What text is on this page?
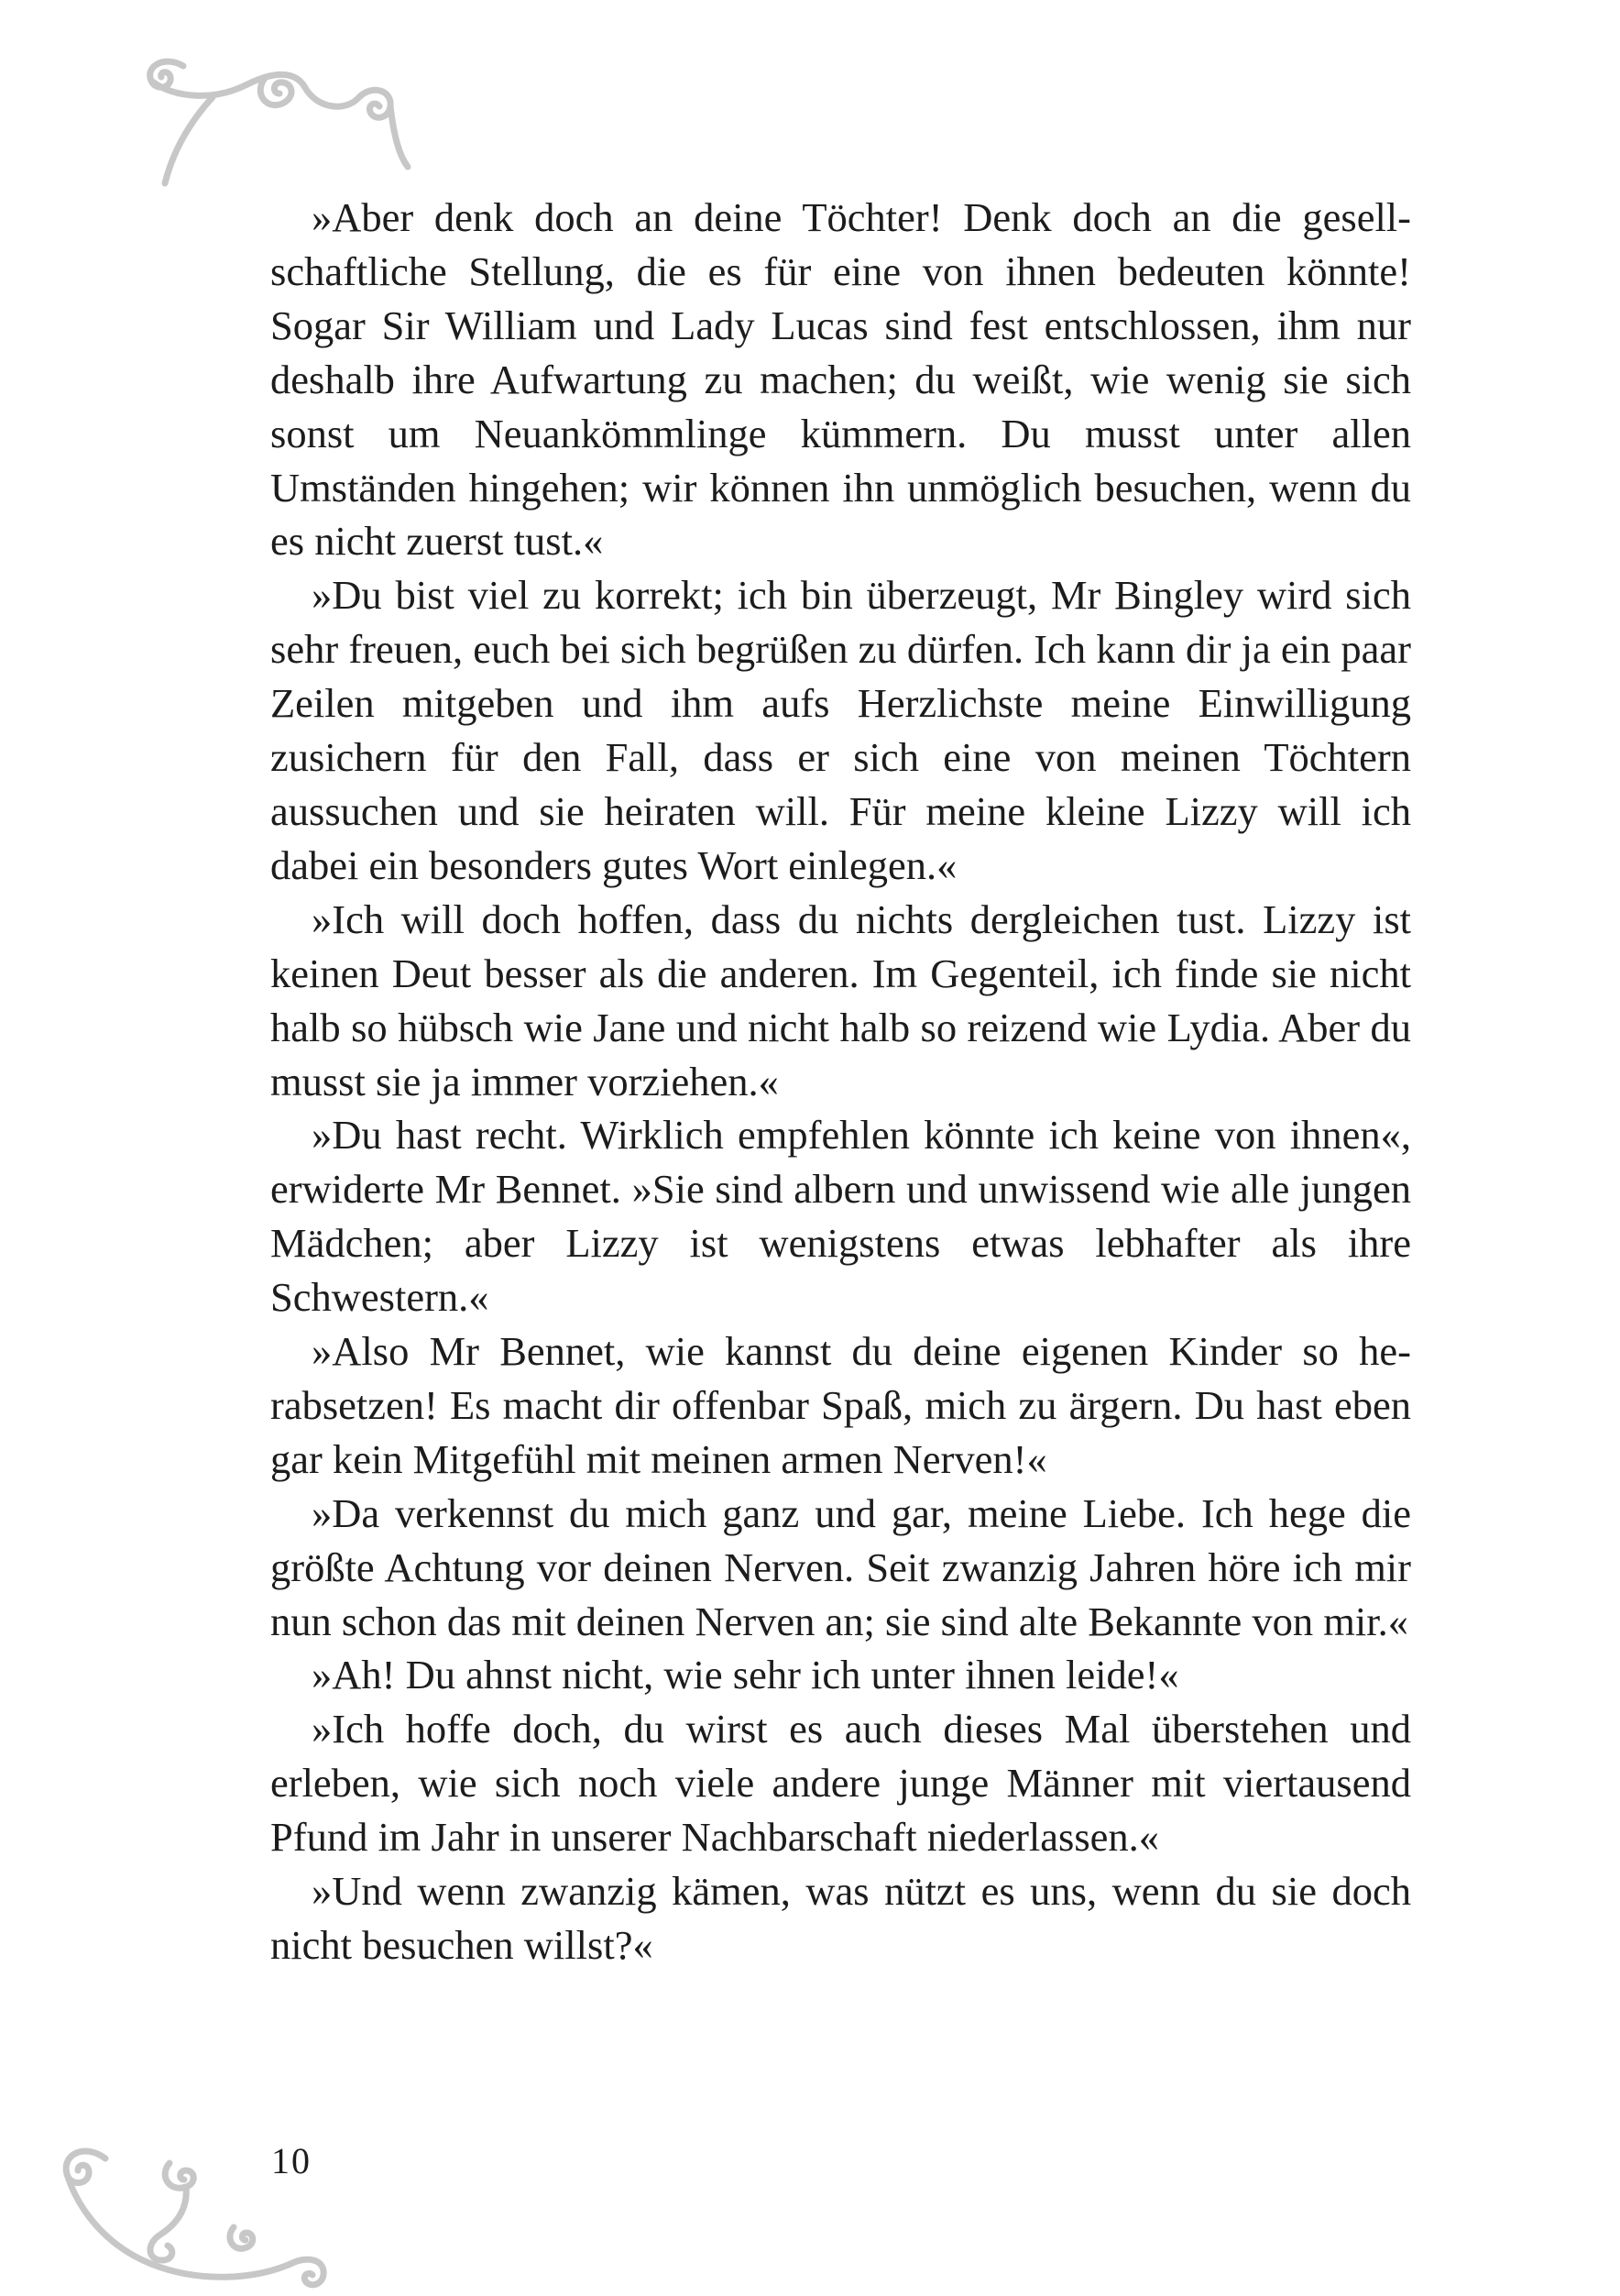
»Aber denk doch an deine Töchter! Denk doch an die gesellschaftliche Stellung, die es für eine von ihnen bedeuten könnte! Sogar Sir William und Lady Lucas sind fest entschlossen, ihm nur deshalb ihre Aufwartung zu machen; du weißt, wie wenig sie sich sonst um Neuankömmlinge kümmern. Du musst unter allen Umständen hingehen; wir können ihn unmöglich besuchen, wenn du es nicht zuerst tust.«

»Du bist viel zu korrekt; ich bin überzeugt, Mr Bingley wird sich sehr freuen, euch bei sich begrüßen zu dürfen. Ich kann dir ja ein paar Zeilen mitgeben und ihm aufs Herzlichste meine Einwilligung zusichern für den Fall, dass er sich eine von meinen Töchtern aussuchen und sie heiraten will. Für meine kleine Lizzy will ich dabei ein besonders gutes Wort einlegen.«

»Ich will doch hoffen, dass du nichts dergleichen tust. Lizzy ist keinen Deut besser als die anderen. Im Gegenteil, ich finde sie nicht halb so hübsch wie Jane und nicht halb so reizend wie Lydia. Aber du musst sie ja immer vorziehen.«

»Du hast recht. Wirklich empfehlen könnte ich keine von ihnen«, erwiderte Mr Bennet. »Sie sind albern und unwissend wie alle jungen Mädchen; aber Lizzy ist wenigstens etwas lebhafter als ihre Schwestern.«

»Also Mr Bennet, wie kannst du deine eigenen Kinder so herabsetzen! Es macht dir offenbar Spaß, mich zu ärgern. Du hast eben gar kein Mitgefühl mit meinen armen Nerven!«

»Da verkennst du mich ganz und gar, meine Liebe. Ich hege die größte Achtung vor deinen Nerven. Seit zwanzig Jahren höre ich mir nun schon das mit deinen Nerven an; sie sind alte Bekannte von mir.«

»Ah! Du ahnst nicht, wie sehr ich unter ihnen leide!«

»Ich hoffe doch, du wirst es auch dieses Mal überstehen und erleben, wie sich noch viele andere junge Männer mit viertausend Pfund im Jahr in unserer Nachbarschaft niederlassen.«

»Und wenn zwanzig kämen, was nützt es uns, wenn du sie doch nicht besuchen willst?«

10
